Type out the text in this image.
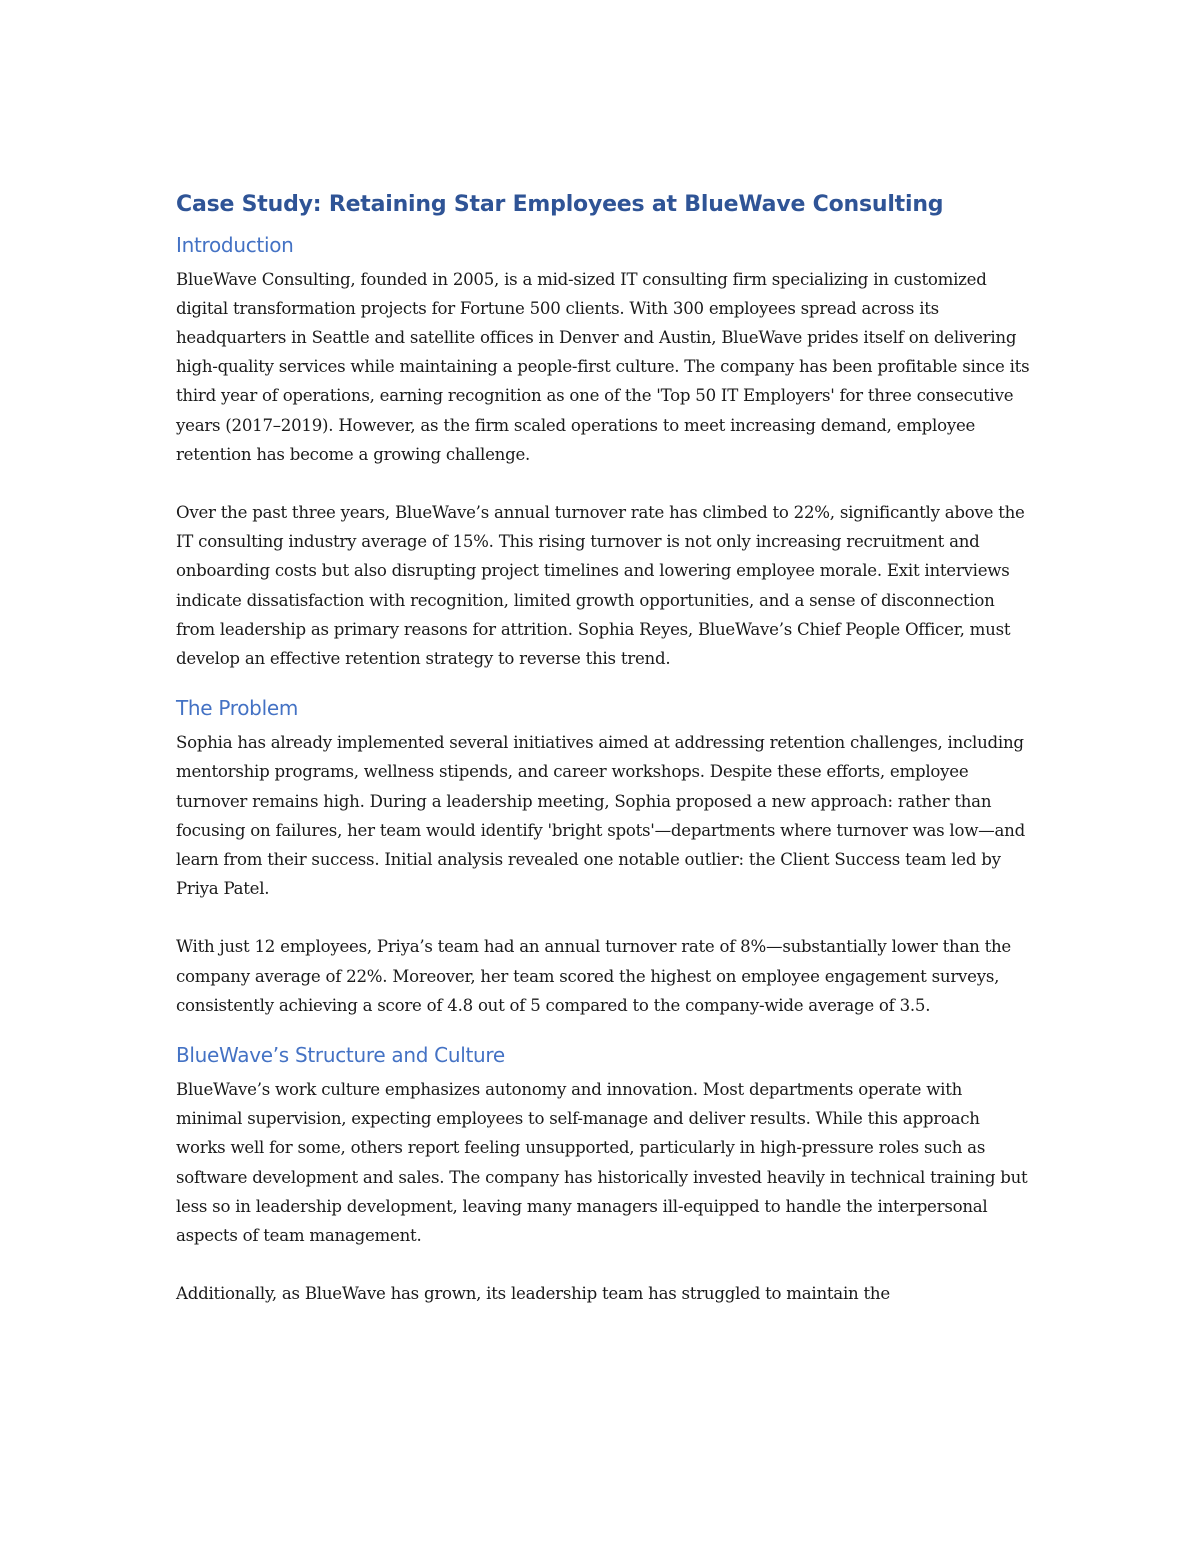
Case Study: Retaining Star Employees at BlueWave Consulting
Introduction

BlueWave Consulting, founded in 2005, is a mid-sized IT consulting firm specializing in customized digital transformation projects for Fortune 500 clients. With 300 employees spread across its headquarters in Seattle and satellite offices in Denver and Austin, BlueWave prides itself on delivering high-quality services while maintaining a people-first culture. The company has been profitable since its third year of operations, earning recognition as one of the 'Top 50 IT Employers' for three consecutive years (2017–2019). However, as the firm scaled operations to meet increasing demand, employee retention has become a growing challenge.

Over the past three years, BlueWave’s annual turnover rate has climbed to 22%, significantly above the IT consulting industry average of 15%. This rising turnover is not only increasing recruitment and onboarding costs but also disrupting project timelines and lowering employee morale. Exit interviews indicate dissatisfaction with recognition, limited growth opportunities, and a sense of disconnection from leadership as primary reasons for attrition. Sophia Reyes, BlueWave’s Chief People Officer, must develop an effective retention strategy to reverse this trend.

The Problem

Sophia has already implemented several initiatives aimed at addressing retention challenges, including mentorship programs, wellness stipends, and career workshops. Despite these efforts, employee turnover remains high. During a leadership meeting, Sophia proposed a new approach: rather than focusing on failures, her team would identify 'bright spots'—departments where turnover was low—and learn from their success. Initial analysis revealed one notable outlier: the Client Success team led by Priya Patel.

With just 12 employees, Priya’s team had an annual turnover rate of 8%—substantially lower than the company average of 22%. Moreover, her team scored the highest on employee engagement surveys, consistently achieving a score of 4.8 out of 5 compared to the company-wide average of 3.5.

BlueWave’s Structure and Culture

BlueWave’s work culture emphasizes autonomy and innovation. Most departments operate with minimal supervision, expecting employees to self-manage and deliver results. While this approach works well for some, others report feeling unsupported, particularly in high-pressure roles such as software development and sales. The company has historically invested heavily in technical training but less so in leadership development, leaving many managers ill-equipped to handle the interpersonal aspects of team management.

Additionally, as BlueWave has grown, its leadership team has struggled to maintain the
